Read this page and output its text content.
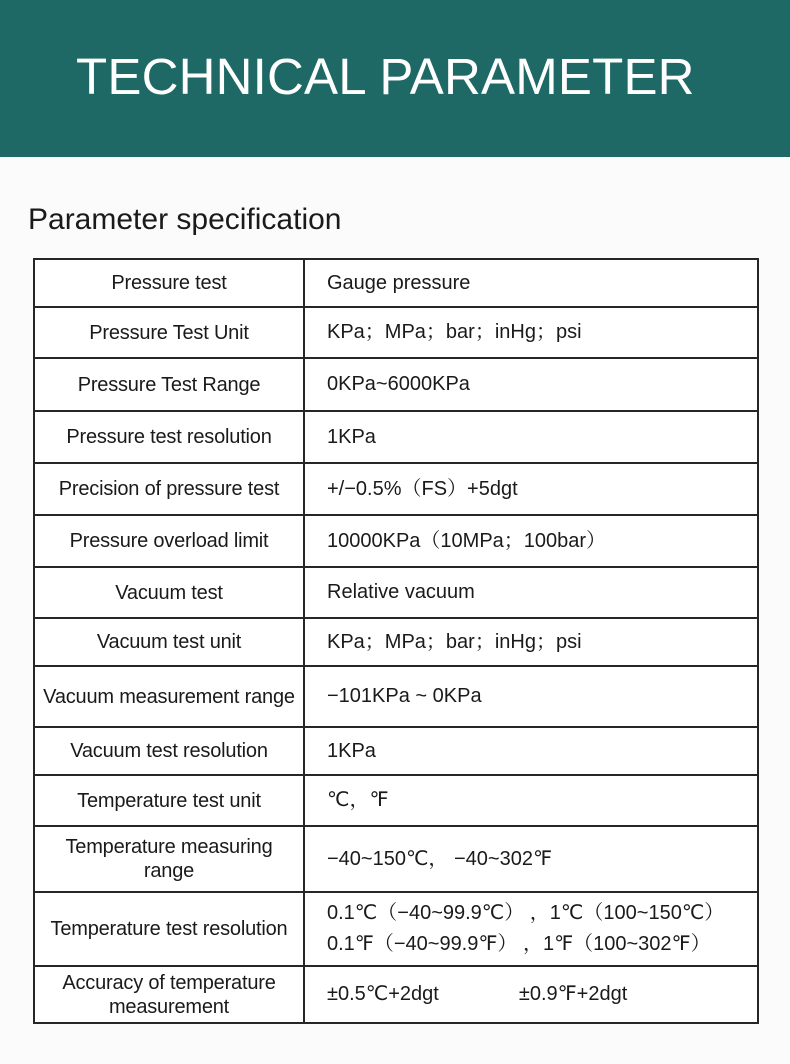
TECHNICAL PARAMETER
Parameter specification
Pressure test	Gauge pressure

Pressure Test Unit	KPa；MPa；bar；inHg；psi

Pressure Test Range	0KPa~6000KPa

Pressure test resolution	1KPa

Precision of pressure test	+/−0.5%（FS）+5dgt

Pressure overload limit	10000KPa（10MPa；100bar）

Vacuum test	Relative vacuum

Vacuum test unit	KPa；MPa；bar；inHg；psi

Vacuum measurement range	−101KPa ~ 0KPa

Vacuum test resolution	1KPa

Temperature test unit	℃，℉

Temperature measuring range	−40~150℃， −40~302℉

Temperature test resolution	0.1℃（−40~99.9℃） ，1℃（100~150℃）
0.1℉（−40~99.9℉） ，1℉（100~302℉）

Accuracy of temperature measurement	±0.5℃+2dgt ±0.9℉+2dgt
